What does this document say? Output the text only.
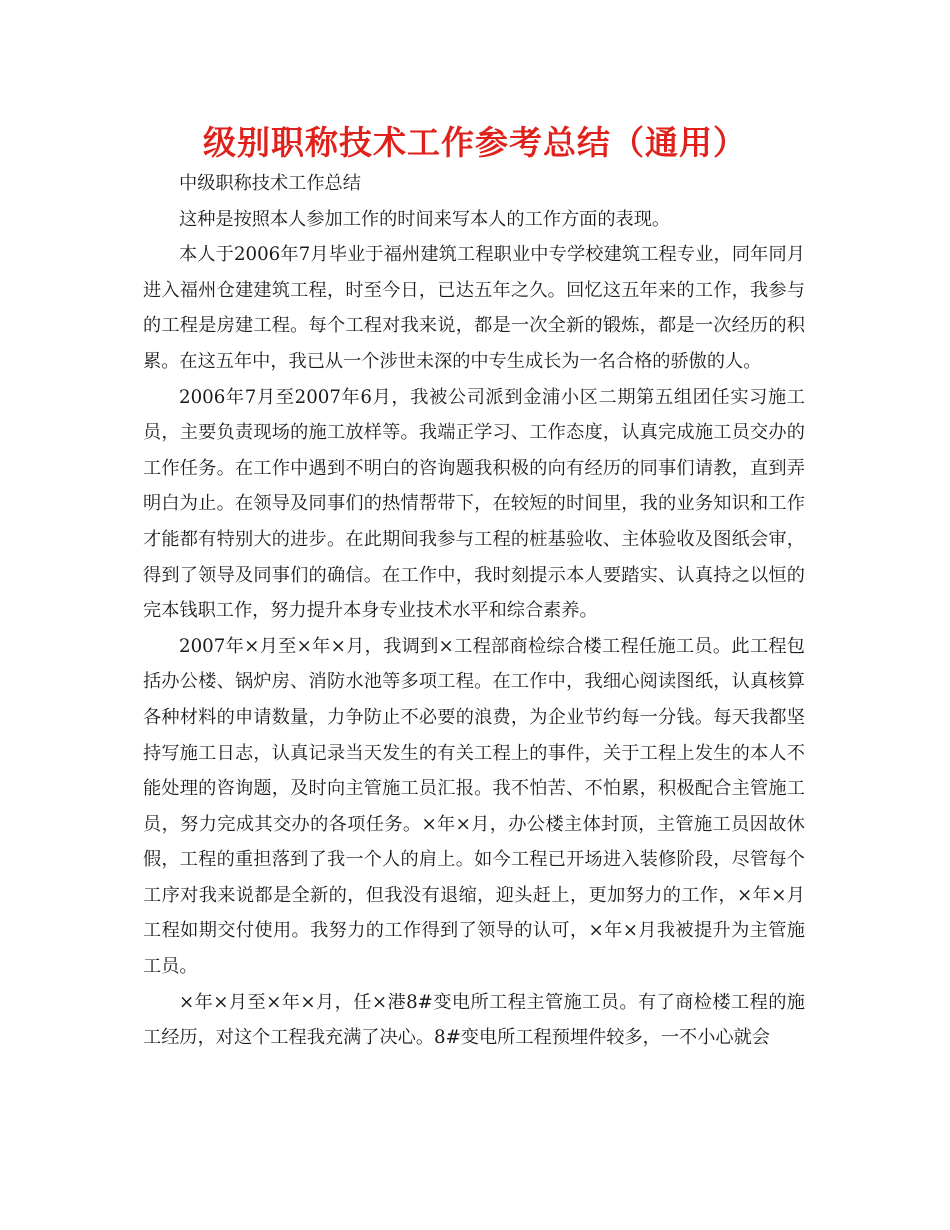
级别职称技术工作参考总结（通用）

中级职称技术工作总结

这种是按照本人参加工作的时间来写本人的工作方面的表现。

本人于2006年7月毕业于福州建筑工程职业中专学校建筑工程专业，同年同月进入福州仓建建筑工程，时至今日，已达五年之久。回忆这五年来的工作，我参与的工程是房建工程。每个工程对我来说，都是一次全新的锻炼，都是一次经历的积累。在这五年中，我已从一个涉世未深的中专生成长为一名合格的骄傲的人。

2006年7月至2007年6月，我被公司派到金浦小区二期第五组团任实习施工员，主要负责现场的施工放样等。我端正学习、工作态度，认真完成施工员交办的工作任务。在工作中遇到不明白的咨询题我积极的向有经历的同事们请教，直到弄明白为止。在领导及同事们的热情帮带下，在较短的时间里，我的业务知识和工作才能都有特别大的进步。在此期间我参与工程的桩基验收、主体验收及图纸会审，得到了领导及同事们的确信。在工作中，我时刻提示本人要踏实、认真持之以恒的完本钱职工作，努力提升本身专业技术水平和综合素养。

2007年×月至×年×月，我调到×工程部商检综合楼工程任施工员。此工程包括办公楼、锅炉房、消防水池等多项工程。在工作中，我细心阅读图纸，认真核算各种材料的申请数量，力争防止不必要的浪费，为企业节约每一分钱。每天我都坚持写施工日志，认真记录当天发生的有关工程上的事件，关于工程上发生的本人不能处理的咨询题，及时向主管施工员汇报。我不怕苦、不怕累，积极配合主管施工员，努力完成其交办的各项任务。×年×月，办公楼主体封顶，主管施工员因故休假，工程的重担落到了我一个人的肩上。如今工程已开场进入装修阶段，尽管每个工序对我来说都是全新的，但我没有退缩，迎头赶上，更加努力的工作，×年×月工程如期交付使用。我努力的工作得到了领导的认可，×年×月我被提升为主管施工员。

×年×月至×年×月，任×港8#变电所工程主管施工员。有了商检楼工程的施工经历，对这个工程我充满了决心。8#变电所工程预埋件较多，一不小心就会
